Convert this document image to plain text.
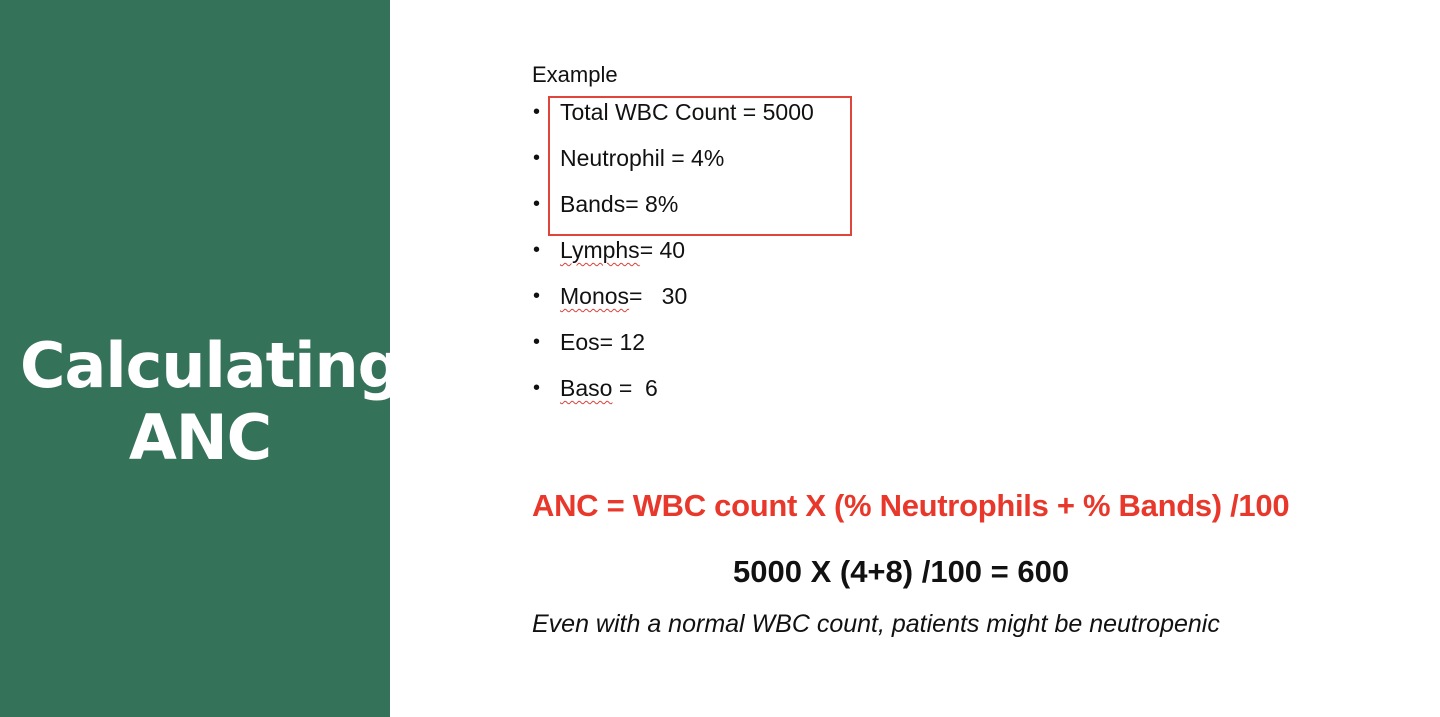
Calculating
ANC
Example
• Total WBC Count = 5000
• Neutrophil = 4%
• Bands= 8%
• Lymphs= 40
• Monos=   30
• Eos= 12
• Baso =  6
ANC = WBC count X (% Neutrophils + % Bands) /100
5000 X (4+8) /100 = 600
Even with a normal WBC count, patients might be neutropenic
